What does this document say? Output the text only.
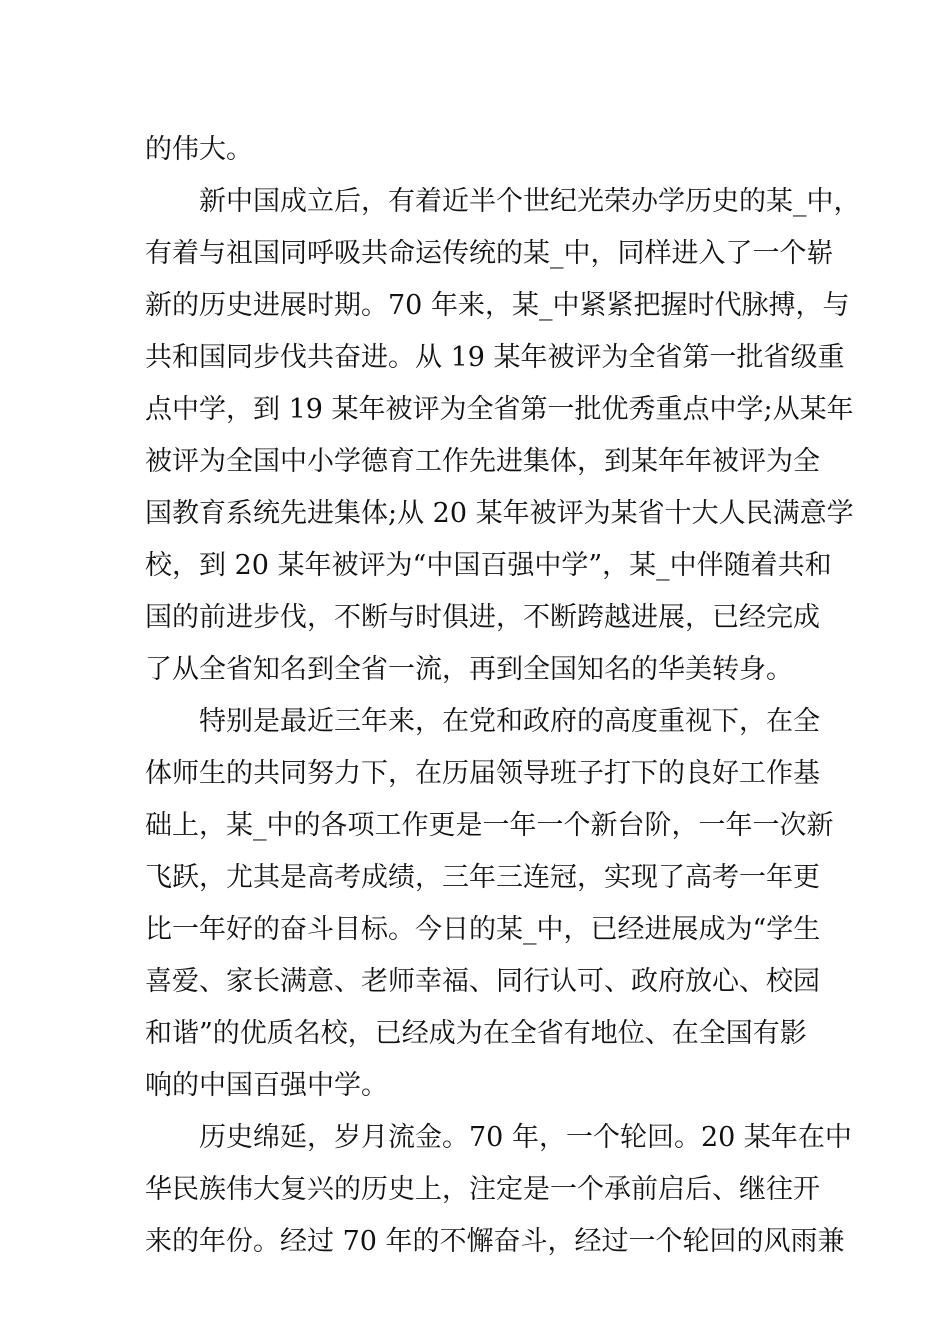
的伟大。
新中国成立后，有着近半个世纪光荣办学历史的某_中，
有着与祖国同呼吸共命运传统的某_中，同样进入了一个崭
新的历史进展时期。70 年来，某_中紧紧把握时代脉搏，与
共和国同步伐共奋进。从 19 某年被评为全省第一批省级重
点中学，到 19 某年被评为全省第一批优秀重点中学;从某年
被评为全国中小学德育工作先进集体，到某年年被评为全
国教育系统先进集体;从 20 某年被评为某省十大人民满意学
校，到 20 某年被评为“中国百强中学”，某_中伴随着共和
国的前进步伐，不断与时俱进，不断跨越进展，已经完成
了从全省知名到全省一流，再到全国知名的华美转身。
特别是最近三年来，在党和政府的高度重视下，在全
体师生的共同努力下，在历届领导班子打下的良好工作基
础上，某_中的各项工作更是一年一个新台阶，一年一次新
飞跃，尤其是高考成绩，三年三连冠，实现了高考一年更
比一年好的奋斗目标。今日的某_中，已经进展成为“学生
喜爱、家长满意、老师幸福、同行认可、政府放心、校园
和谐”的优质名校，已经成为在全省有地位、在全国有影
响的中国百强中学。
历史绵延，岁月流金。70 年，一个轮回。20 某年在中
华民族伟大复兴的历史上，注定是一个承前启后、继往开
来的年份。经过 70 年的不懈奋斗，经过一个轮回的风雨兼
